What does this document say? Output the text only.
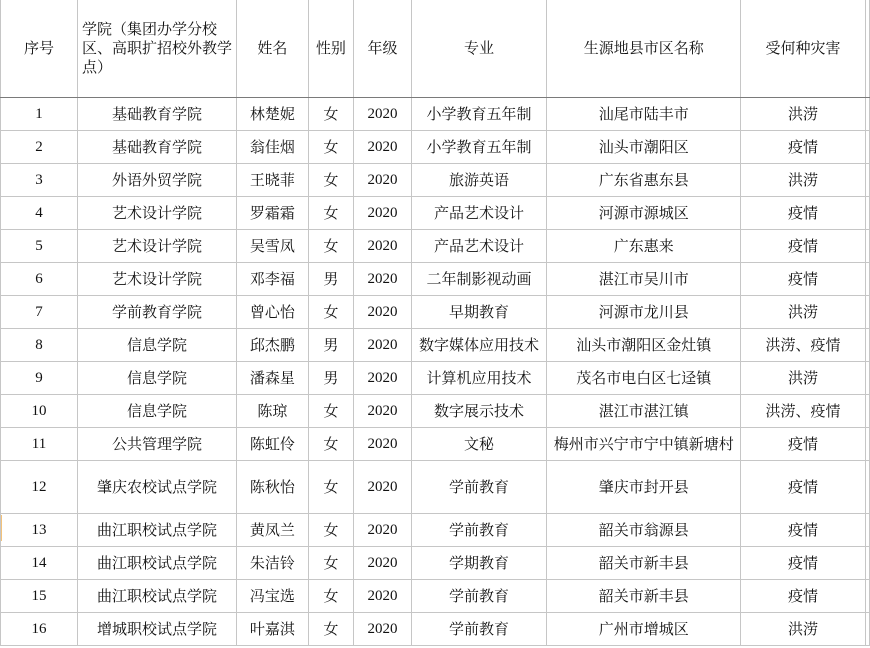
序号	学院（集团办学分校区、高职扩招校外教学点）	姓名	性别	年级	专业	生源地县市区名称	受何种灾害	
1	基础教育学院	林楚妮	女	2020	小学教育五年制	汕尾市陆丰市	洪涝	
2	基础教育学院	翁佳烟	女	2020	小学教育五年制	汕头市潮阳区	疫情	
3	外语外贸学院	王晓菲	女	2020	旅游英语	广东省惠东县	洪涝	
4	艺术设计学院	罗霜霜	女	2020	产品艺术设计	河源市源城区	疫情	
5	艺术设计学院	吴雪凤	女	2020	产品艺术设计	广东惠来	疫情	
6	艺术设计学院	邓李福	男	2020	二年制影视动画	湛江市吴川市	疫情	
7	学前教育学院	曾心怡	女	2020	早期教育	河源市龙川县	洪涝	
8	信息学院	邱杰鹏	男	2020	数字媒体应用技术	汕头市潮阳区金灶镇	洪涝、疫情	
9	信息学院	潘森星	男	2020	计算机应用技术	茂名市电白区七迳镇	洪涝	
10	信息学院	陈琼	女	2020	数字展示技术	湛江市湛江镇	洪涝、疫情	
11	公共管理学院	陈虹伶	女	2020	文秘	梅州市兴宁市宁中镇新塘村	疫情	
12	肇庆农校试点学院	陈秋怡	女	2020	学前教育	肇庆市封开县	疫情	
13	曲江职校试点学院	黄凤兰	女	2020	学前教育	韶关市翁源县	疫情	
14	曲江职校试点学院	朱洁铃	女	2020	学期教育	韶关市新丰县	疫情	
15	曲江职校试点学院	冯宝选	女	2020	学前教育	韶关市新丰县	疫情	
16	增城职校试点学院	叶嘉淇	女	2020	学前教育	广州市增城区	洪涝	
